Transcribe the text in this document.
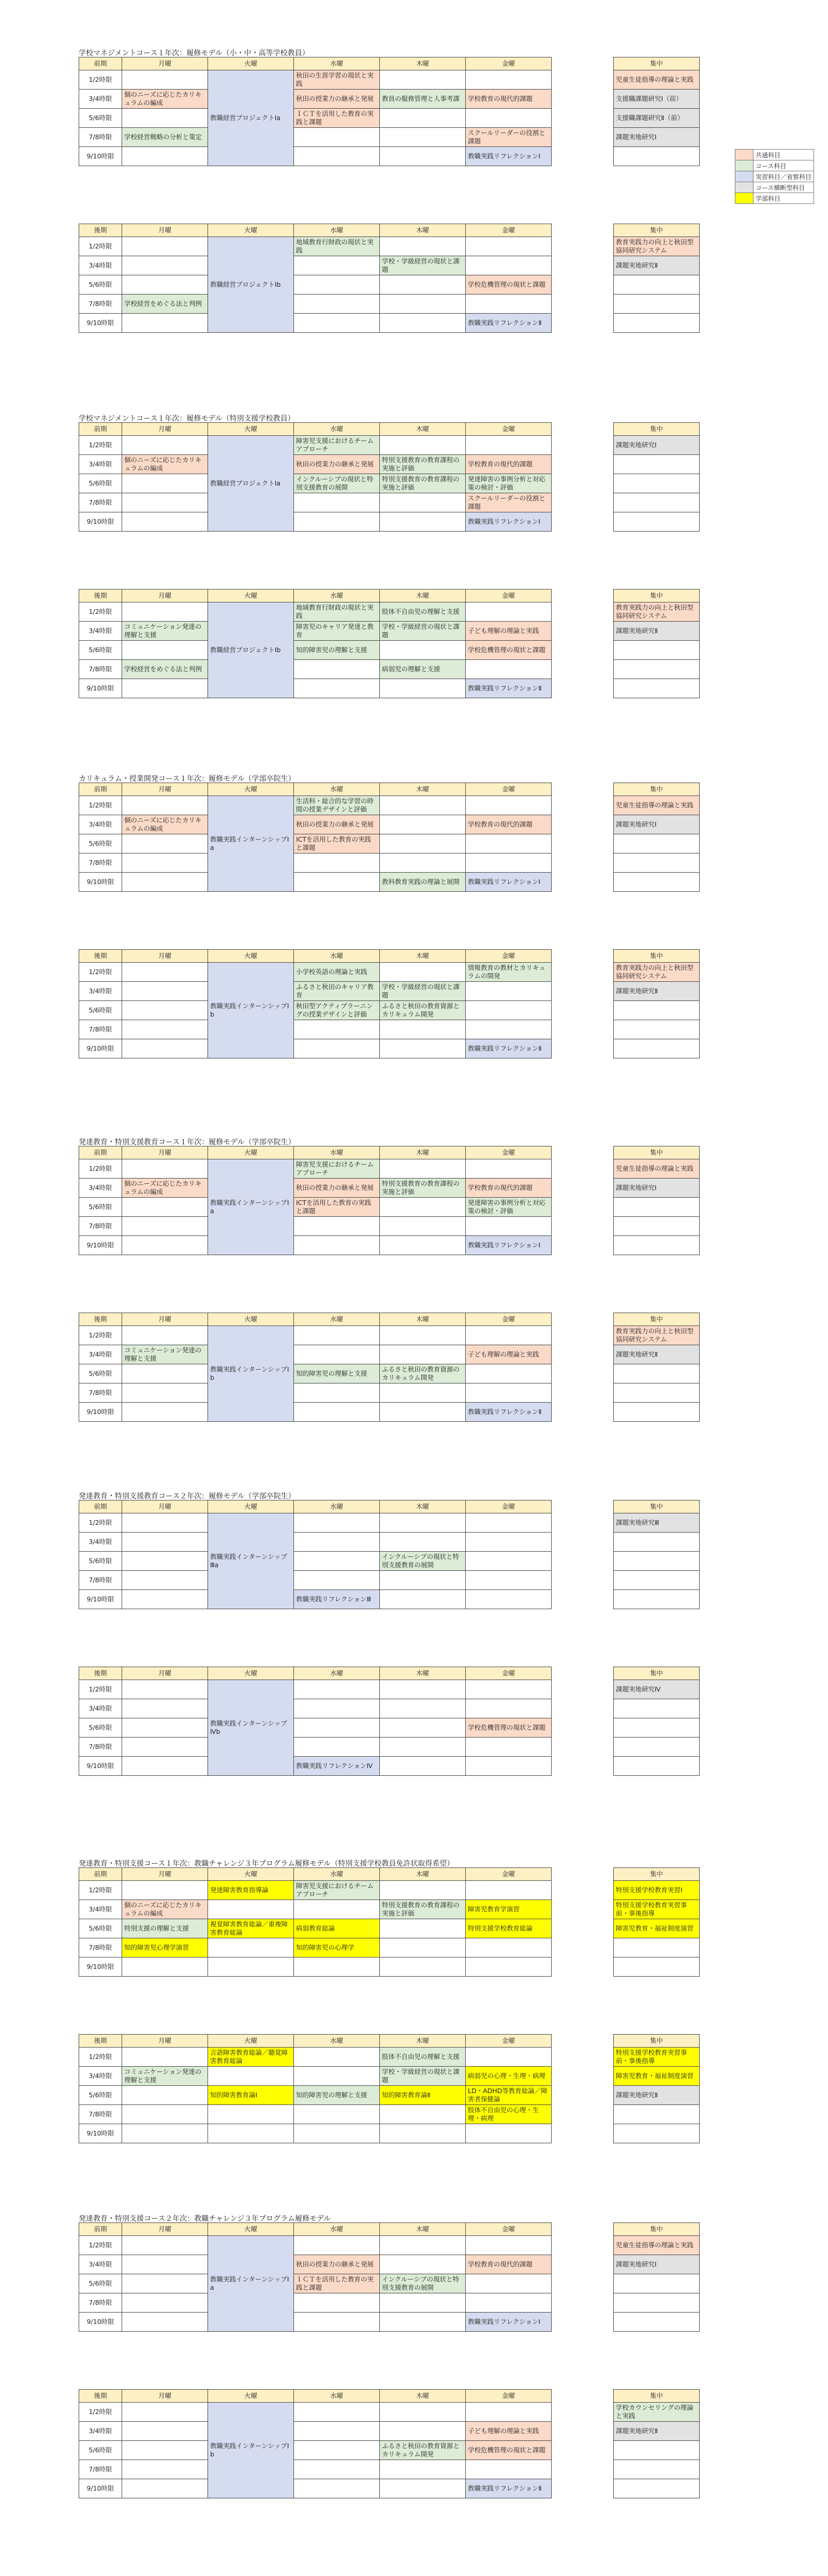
学校マネジメントコース１年次：履修モデル（小・中・高等学校教員）
前期	月曜	火曜	水曜	木曜	金曜		集中
1/2時限		教職経営プロジェクトⅠa	秋田の生涯学習の現状と実践				児童生徒指導の理論と実践
3/4時限	個のニーズに応じたカリキュラムの編成		秋田の授業力の継承と発展	教員の服務管理と人事考課	学校教育の現代的課題		支援職課題研究Ⅰ（前）
5/6時限			ＩＣＴを活用した教育の実践と課題				支援職課題研究Ⅱ（前）
7/8時限	学校経営戦略の分析と策定				スクールリーダーの役割と課題		課題実地研究Ⅰ
9/10時限					教職実践リフレクションⅠ		
後期	月曜	火曜	水曜	木曜	金曜		集中
1/2時限		教職経営プロジェクトⅠb	地域教育行財政の現状と実践				教育実践力の向上と秋田型協同研究システム
3/4時限				学校・学級経営の現状と課題			課題実地研究Ⅱ
5/6時限					学校危機管理の現状と課題		
7/8時限	学校経営をめぐる法と判例						
9/10時限					教職実践リフレクションⅡ		
学校マネジメントコース１年次：履修モデル（特別支援学校教員）
前期	月曜	火曜	水曜	木曜	金曜		集中
1/2時限		教職経営プロジェクトⅠa	障害児支援におけるチームアプローチ				課題実地研究Ⅰ
3/4時限	個のニーズに応じたカリキュラムの編成		秋田の授業力の継承と発展	特別支援教育の教育課程の実施と評価	学校教育の現代的課題		
5/6時限			インクルーシブの現状と特別支援教育の展開	特別支援教育の教育課程の実施と評価	発達障害の事例分析と対応策の検討・評価		
7/8時限					スクールリーダーの役割と課題		
9/10時限					教職実践リフレクションⅠ		
後期	月曜	火曜	水曜	木曜	金曜		集中
1/2時限		教職経営プロジェクトⅠb	地域教育行財政の現状と実践	肢体不自由児の理解と支援			教育実践力の向上と秋田型協同研究システム
3/4時限	コミュニケーション発達の理解と支援		障害児のキャリア発達と教育	学校・学級経営の現状と課題	子ども理解の理論と実践		課題実地研究Ⅱ
5/6時限			知的障害児の理解と支援		学校危機管理の現状と課題		
7/8時限	学校経営をめぐる法と判例			病弱児の理解と支援			
9/10時限					教職実践リフレクションⅡ		
カリキュラム・授業開発コース１年次：履修モデル（学部卒院生）
前期	月曜	火曜	水曜	木曜	金曜		集中
1/2時限		教職実践インターンシップⅠa	生活科・総合的な学習の時間の授業デザインと評価				児童生徒指導の理論と実践
3/4時限	個のニーズに応じたカリキュラムの編成		秋田の授業力の継承と発展		学校教育の現代的課題		課題実地研究Ⅰ
5/6時限			ICTを活用した教育の実践と課題				
7/8時限							
9/10時限				教科教育実践の理論と展開	教職実践リフレクションⅠ		
後期	月曜	火曜	水曜	木曜	金曜		集中
1/2時限		教職実践インターンシップⅠb	小学校英語の理論と実践		情報教育の教材とカリキュラムの開発		教育実践力の向上と秋田型協同研究システム
3/4時限			ふるさと秋田のキャリア教育	学校・学級経営の現状と課題			課題実地研究Ⅱ
5/6時限			秋田型アクティブラーニングの授業デザインと評価	ふるさと秋田の教育資源とカリキュラム開発			
7/8時限							
9/10時限					教職実践リフレクションⅡ		
発達教育・特別支援教育コース１年次：履修モデル（学部卒院生）
前期	月曜	火曜	水曜	木曜	金曜		集中
1/2時限		教職実践インターンシップⅠa	障害児支援におけるチームアプローチ				児童生徒指導の理論と実践
3/4時限	個のニーズに応じたカリキュラムの編成		秋田の授業力の継承と発展	特別支援教育の教育課程の実施と評価	学校教育の現代的課題		課題実地研究Ⅰ
5/6時限			ICTを活用した教育の実践と課題		発達障害の事例分析と対応策の検討・評価		
7/8時限							
9/10時限					教職実践リフレクションⅠ		
後期	月曜	火曜	水曜	木曜	金曜		集中
1/2時限		教職実践インターンシップⅠb					教育実践力の向上と秋田型協同研究システム
3/4時限	コミュニケーション発達の理解と支援				子ども理解の理論と実践		課題実地研究Ⅱ
5/6時限			知的障害児の理解と支援	ふるさと秋田の教育資源のカリキュラム開発			
7/8時限							
9/10時限					教職実践リフレクションⅡ		
発達教育・特別支援教育コース２年次：履修モデル（学部卒院生）
前期	月曜	火曜	水曜	木曜	金曜		集中
1/2時限		教職実践インターンシップⅢa					課題実地研究Ⅲ
3/4時限							
5/6時限				インクルーシブの現状と特別支援教育の展開			
7/8時限							
9/10時限			教職実践リフレクションⅢ				
後期	月曜	火曜	水曜	木曜	金曜		集中
1/2時限		教職実践インターンシップⅣb					課題実地研究Ⅳ
3/4時限							
5/6時限					学校危機管理の現状と課題		
7/8時限							
9/10時限			教職実践リフレクションⅣ				
発達教育・特別支援コース１年次：教職チャレンジ３年プログラム履修モデル（特別支援学校教員免許状取得希望）
前期	月曜	火曜	水曜	木曜	金曜		集中
1/2時限		発達障害教育指導論	障害児支援におけるチームアプローチ				特別支援学校教育実習Ⅰ
3/4時限	個のニーズに応じたカリキュラムの編成			特別支援教育の教育課程の実施と評価	障害児教育学演習		特別支援学校教育実習事前・事後指導
5/6時限	特別支援の理解と支援	視覚障害教育総論／重複障害教育総論	病弱教育総論		特別支援学校教育総論		障害児教育・福祉制度演習
7/8時限	知的障害児心理学演習		知的障害児の心理学				
9/10時限							
後期	月曜	火曜	水曜	木曜	金曜		集中
1/2時限		言語障害教育総論／聴覚障害教育総論		肢体不自由児の理解と支援			特別支援学校教育実習事前・事後指導
3/4時限	コミュニケーション発達の理解と支援			学校・学級経営の現状と課題	病弱児の心理・生理・病理		障害児教育・福祉制度演習
5/6時限		知的障害教育論Ⅰ	知的障害児の理解と支援	知的障害教育論Ⅱ	LD・ADHD等教育総論／障害者保健論		課題実地研究Ⅱ
7/8時限					肢体不自由児の心理・生理・病理		
9/10時限							
発達教育・特別支援コース２年次：教職チャレンジ３年プログラム履修モデル
前期	月曜	火曜	水曜	木曜	金曜		集中
1/2時限		教職実践インターンシップⅠa					児童生徒指導の理論と実践
3/4時限			秋田の授業力の継承と発展		学校教育の現代的課題		課題実地研究Ⅰ
5/6時限			ＩＣＴを活用した教育の実践と課題	インクルーシブの現状と特別支援教育の展開			
7/8時限							
9/10時限					教職実践リフレクションⅠ		
後期	月曜	火曜	水曜	木曜	金曜		集中
1/2時限		教職実践インターンシップⅠb					学校カウンセリングの理論と実践
3/4時限					子ども理解の理論と実践		課題実地研究Ⅱ
5/6時限				ふるさと秋田の教育資源とカリキュラム開発	学校危機管理の現状と課題		
7/8時限							
9/10時限					教職実践リフレクションⅡ		
	共通科目
	コース科目
	実習科目／省察科目
	コース横断型科目
	学部科目
